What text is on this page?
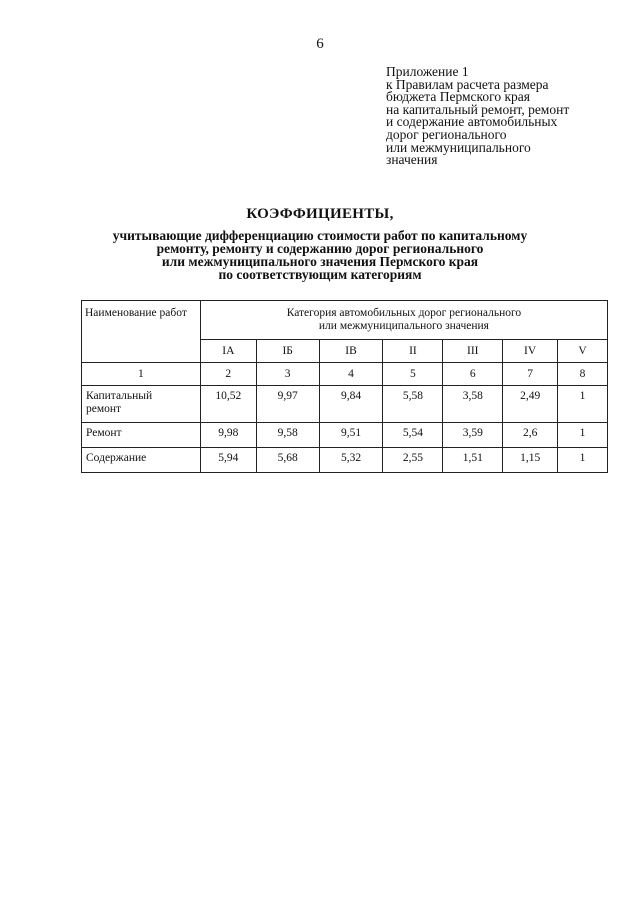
6
Приложение 1
к Правилам расчета размера
бюджета Пермского края
на капитальный ремонт, ремонт
и содержание автомобильных
дорог регионального
или межмуниципального
значения
КОЭФФИЦИЕНТЫ,
учитывающие дифференциацию стоимости работ по капитальному
ремонту, ремонту и содержанию дорог регионального
или межмуниципального значения Пермского края
по соответствующим категориям
Наименование работ	Категория автомобильных дорог регионального
или межмуниципального значения						

	IA	IБ	IB	II	III	IV	V
1	2	3	4	5	6	7	8

Капитальный
ремонт	10,52	9,97	9,84	5,58	3,58	2,49	1

Ремонт	9,98	9,58	9,51	5,54	3,59	2,6	1

Содержание	5,94	5,68	5,32	2,55	1,51	1,15	1
